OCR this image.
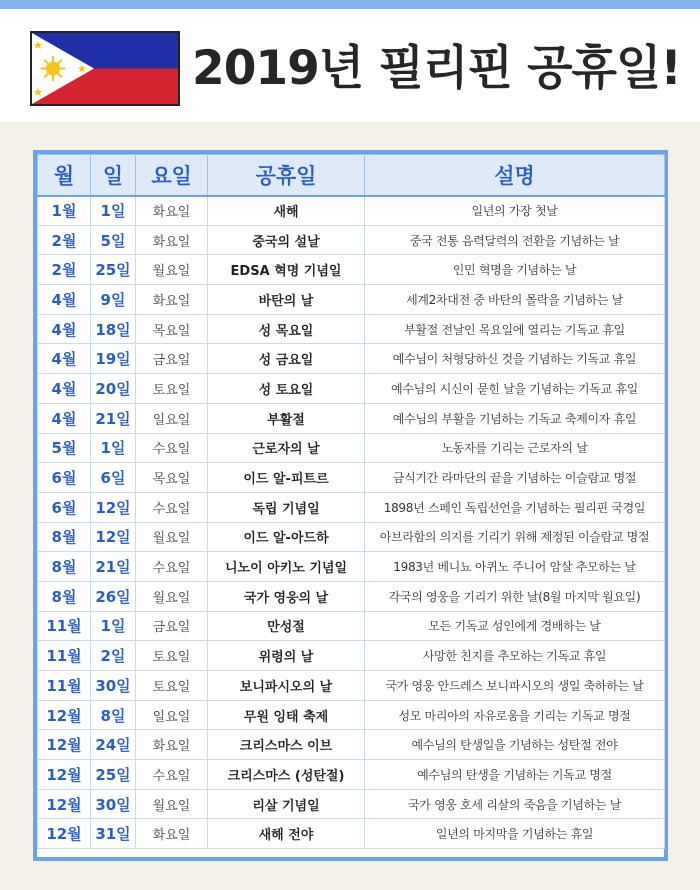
2019년 필리핀 공휴일!
월	일	요일	공휴일	설명
1월	1일	화요일	새해	일년의 가장 첫날
2월	5일	화요일	중국의 설날	중국 전통 음력달력의 전환을 기념하는 날
2월	25일	월요일	EDSA 혁명 기념일	인민 혁명을 기념하는 날
4월	9일	화요일	바탄의 날	세계2차대전 중 바탄의 몰락을 기념하는 날
4월	18일	목요일	성 목요일	부활절 전날인 목요일에 열리는 기독교 휴일
4월	19일	금요일	성 금요일	예수님이 처형당하신 것을 기념하는 기독교 휴일
4월	20일	토요일	성 토요일	예수님의 시신이 묻힌 날을 기념하는 기독교 휴일
4월	21일	일요일	부활절	예수님의 부활을 기념하는 기독교 축제이자 휴일
5월	1일	수요일	근로자의 날	노동자를 기리는 근로자의 날
6월	6일	목요일	이드 알-피트르	금식기간 라마단의 끝을 기념하는 이슬람교 명절
6월	12일	수요일	독립 기념일	1898년 스페인 독립선언을 기념하는 필리핀 국경일
8월	12일	월요일	이드 알-아드하	아브라함의 의지를 기리기 위해 제정된 이슬람교 명절
8월	21일	수요일	니노이 아키노 기념일	1983년 베니뇨 아퀴노 주니어 암살 추모하는 날
8월	26일	월요일	국가 영웅의 날	각국의 영웅을 기리기 위한 날(8월 마지막 월요일)
11월	1일	금요일	만성절	모든 기독교 성인에게 경배하는 날
11월	2일	토요일	위령의 날	사망한 친지를 추모하는 기독교 휴일
11월	30일	토요일	보니파시오의 날	국가 영웅 안드레스 보니파시오의 생일 축하하는 날
12월	8일	일요일	무원 잉태 축제	성모 마리아의 자유로움을 기리는 기독교 명절
12월	24일	화요일	크리스마스 이브	예수님의 탄생일을 기념하는 성탄절 전야
12월	25일	수요일	크리스마스 (성탄절)	예수님의 탄생을 기념하는 기독교 명절
12월	30일	월요일	리살 기념일	국가 영웅 호세 리살의 죽음을 기념하는 날
12월	31일	화요일	새해 전야	일년의 마지막을 기념하는 휴일
